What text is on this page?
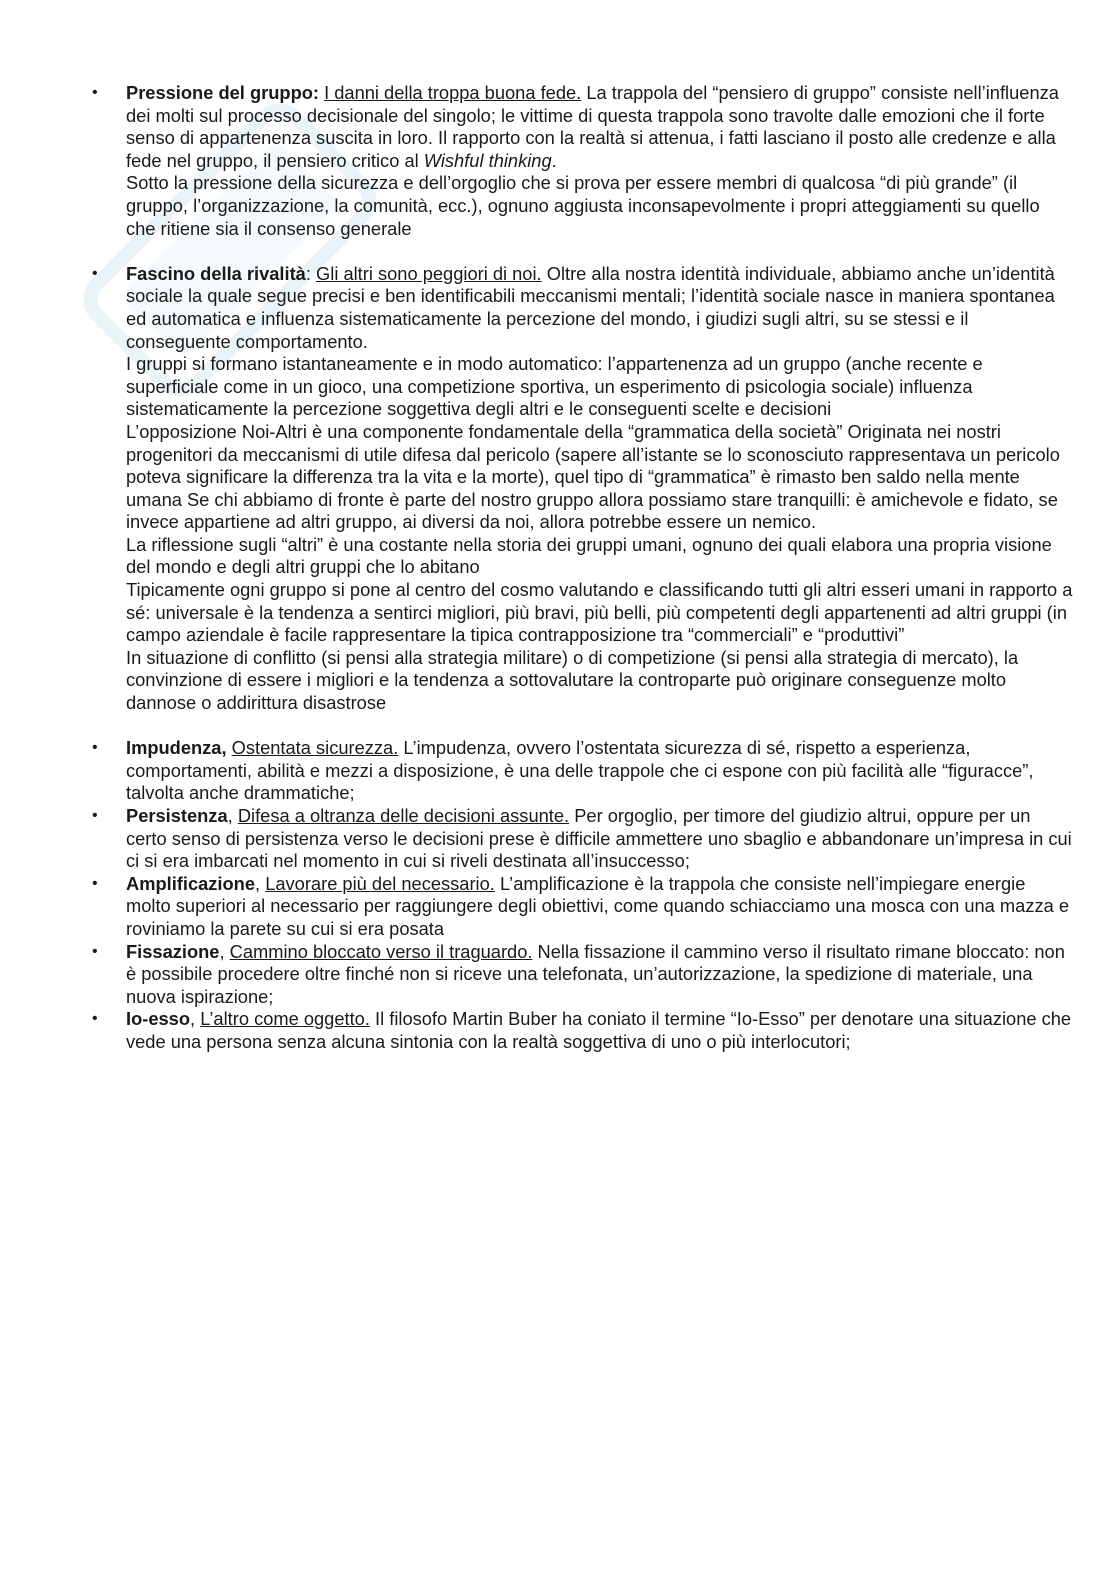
• Pressione del gruppo: I danni della troppa buona fede. La trappola del “pensiero di gruppo” consiste nell’influenza dei molti sul processo decisionale del singolo; le vittime di questa trappola sono travolte dalle emozioni che il forte senso di appartenenza suscita in loro. Il rapporto con la realtà si attenua, i fatti lasciano il posto alle credenze e alla fede nel gruppo, il pensiero critico al Wishful thinking.
Sotto la pressione della sicurezza e dell’orgoglio che si prova per essere membri di qualcosa “di più grande” (il gruppo, l’organizzazione, la comunità, ecc.), ognuno aggiusta inconsapevolmente i propri atteggiamenti su quello che ritiene sia il consenso generale
• Fascino della rivalità: Gli altri sono peggiori di noi. Oltre alla nostra identità individuale, abbiamo anche un’identità sociale la quale segue precisi e ben identificabili meccanismi mentali; l’identità sociale nasce in maniera spontanea ed automatica e influenza sistematicamente la percezione del mondo, i giudizi sugli altri, su se stessi e il conseguente comportamento.
I gruppi si formano istantaneamente e in modo automatico: l’appartenenza ad un gruppo (anche recente e superficiale come in un gioco, una competizione sportiva, un esperimento di psicologia sociale) influenza sistematicamente la percezione soggettiva degli altri e le conseguenti scelte e decisioni
L’opposizione Noi-Altri è una componente fondamentale della “grammatica della società” Originata nei nostri progenitori da meccanismi di utile difesa dal pericolo (sapere all’istante se lo sconosciuto rappresentava un pericolo poteva significare la differenza tra la vita e la morte), quel tipo di “grammatica” è rimasto ben saldo nella mente umana Se chi abbiamo di fronte è parte del nostro gruppo allora possiamo stare tranquilli: è amichevole e fidato, se invece appartiene ad altri gruppo, ai diversi da noi, allora potrebbe essere un nemico.
La riflessione sugli “altri” è una costante nella storia dei gruppi umani, ognuno dei quali elabora una propria visione del mondo e degli altri gruppi che lo abitano
Tipicamente ogni gruppo si pone al centro del cosmo valutando e classificando tutti gli altri esseri umani in rapporto a sé: universale è la tendenza a sentirci migliori, più bravi, più belli, più competenti degli appartenenti ad altri gruppi (in campo aziendale è facile rappresentare la tipica contrapposizione tra “commerciali” e “produttivi”
In situazione di conflitto (si pensi alla strategia militare) o di competizione (si pensi alla strategia di mercato), la convinzione di essere i migliori e la tendenza a sottovalutare la controparte può originare conseguenze molto dannose o addirittura disastrose
• Impudenza, Ostentata sicurezza. L’impudenza, ovvero l’ostentata sicurezza di sé, rispetto a esperienza, comportamenti, abilità e mezzi a disposizione, è una delle trappole che ci espone con più facilità alle “figuracce”, talvolta anche drammatiche;
• Persistenza, Difesa a oltranza delle decisioni assunte. Per orgoglio, per timore del giudizio altrui, oppure per un certo senso di persistenza verso le decisioni prese è difficile ammettere uno sbaglio e abbandonare un’impresa in cui ci si era imbarcati nel momento in cui si riveli destinata all’insuccesso;
• Amplificazione, Lavorare più del necessario. L’amplificazione è la trappola che consiste nell’impiegare energie molto superiori al necessario per raggiungere degli obiettivi, come quando schiacciamo una mosca con una mazza e roviniamo la parete su cui si era posata
• Fissazione, Cammino bloccato verso il traguardo. Nella fissazione il cammino verso il risultato rimane bloccato: non è possibile procedere oltre finché non si riceve una telefonata, un’autorizzazione, la spedizione di materiale, una nuova ispirazione;
• Io-esso, L’altro come oggetto. Il filosofo Martin Buber ha coniato il termine “Io-Esso” per denotare una situazione che vede una persona senza alcuna sintonia con la realtà soggettiva di uno o più interlocutori;
